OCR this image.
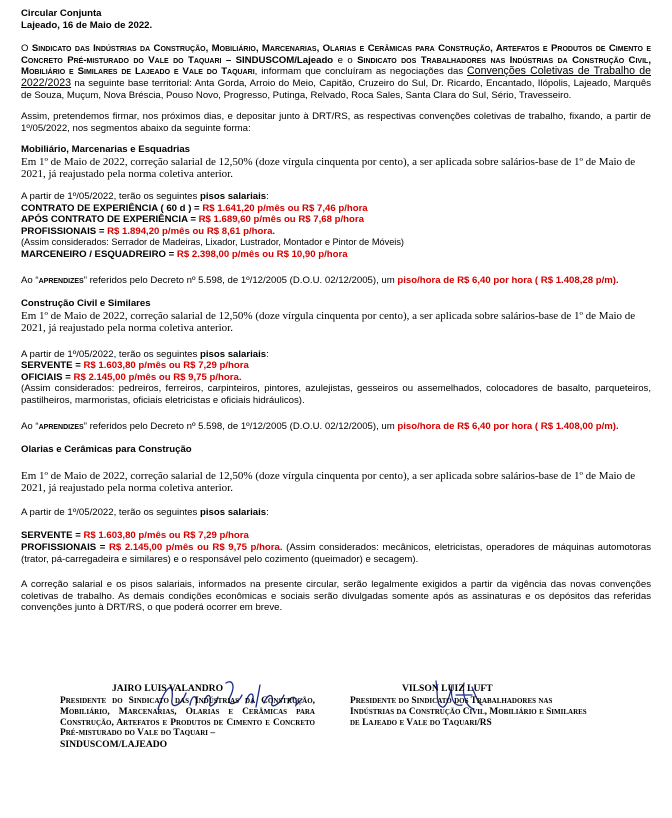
Circular Conjunta

Lajeado, 16 de Maio de 2022.

O Sindicato das Indústrias da Construção, Mobiliário, Marcenarias, Olarias e Cerâmicas para Construção, Artefatos e Produtos de Cimento e Concreto Pré-misturado do Vale do Taquari – SINDUSCOM/Lajeado e o Sindicato dos Trabalhadores nas Indústrias da Construção Civil, Mobiliário e Similares de Lajeado e Vale do Taquari, informam que concluíram as negociações das Convenções Coletivas de Trabalho de 2022/2023 na seguinte base territorial: Anta Gorda, Arroio do Meio, Capitão, Cruzeiro do Sul, Dr. Ricardo, Encantado, Ilópolis, Lajeado, Marquês de Souza, Muçum, Nova Bréscia, Pouso Novo, Progresso, Putinga, Relvado, Roca Sales, Santa Clara do Sul, Sério, Travesseiro.

Assim, pretendemos firmar, nos próximos dias, e depositar junto à DRT/RS, as respectivas convenções coletivas de trabalho, fixando, a partir de 1º/05/2022, nos segmentos abaixo da seguinte forma:

Mobiliário, Marcenarias e Esquadrias

Em 1º de Maio de 2022, correção salarial de 12,50% (doze vírgula cinquenta por cento), a ser aplicada sobre salários-base de 1º de Maio de 2021, já reajustado pela norma coletiva anterior.

A partir de 1º/05/2022, terão os seguintes pisos salariais:

CONTRATO DE EXPERIÊNCIA ( 60 d ) = R$ 1.641,20 p/mês ou R$ 7,46 p/hora

APÓS CONTRATO DE EXPERIÊNCIA = R$ 1.689,60 p/mês ou R$ 7,68 p/hora

PROFISSIONAIS = R$ 1.894,20 p/mês ou R$ 8,61 p/hora.

(Assim considerados: Serrador de Madeiras, Lixador, Lustrador, Montador e Pintor de Móveis)

MARCENEIRO / ESQUADREIRO = R$ 2.398,00 p/mês ou R$ 10,90 p/hora

Ao “aprendizes” referidos pelo Decreto nº 5.598, de 1º/12/2005 (D.O.U. 02/12/2005), um piso/hora de R$ 6,40 por hora ( R$ 1.408,28 p/m).

Construção Civil e Similares

Em 1º de Maio de 2022, correção salarial de 12,50% (doze vírgula cinquenta por cento), a ser aplicada sobre salários-base de 1º de Maio de 2021, já reajustado pela norma coletiva anterior.

A partir de 1º/05/2022, terão os seguintes pisos salariais:

SERVENTE = R$ 1.603,80 p/mês ou R$ 7,29 p/hora

OFICIAIS = R$ 2.145,00 p/mês ou R$ 9,75 p/hora.

(Assim considerados: pedreiros, ferreiros, carpinteiros, pintores, azulejistas, gesseiros ou assemelhados, colocadores de basalto, parqueteiros, pastilheiros, marmoristas, oficiais eletricistas e oficiais hidráulicos).

Ao “aprendizes” referidos pelo Decreto nº 5.598, de 1º/12/2005 (D.O.U. 02/12/2005), um piso/hora de R$ 6,40 por hora ( R$ 1.408,00 p/m).

Olarias e Cerâmicas para Construção

Em 1º de Maio de 2022, correção salarial de 12,50% (doze vírgula cinquenta por cento), a ser aplicada sobre salários-base de 1º de Maio de 2021, já reajustado pela norma coletiva anterior.

A partir de 1º/05/2022, terão os seguintes pisos salariais:

SERVENTE = R$ 1.603,80 p/mês ou R$ 7,29 p/hora

PROFISSIONAIS = R$ 2.145,00 p/mês ou R$ 9,75 p/hora. (Assim considerados: mecânicos, eletricistas, operadores de máquinas automotoras (trator, pá-carregadeira e similares) e o responsável pelo cozimento (queimador) e secagem).

A correção salarial e os pisos salariais, informados na presente circular, serão legalmente exigidos a partir da vigência das novas convenções coletivas de trabalho. As demais condições econômicas e sociais serão divulgadas somente após as assinaturas e os depósitos das referidas convenções junto à DRT/RS, o que poderá ocorrer em breve.

JAIRO LUIS VALANDRO

Presidente do Sindicato das Indústrias da Construção, Mobiliário, Marcenarias, Olarias e Cerâmicas para Construção, Artefatos e Produtos de Cimento e Concreto Pré-misturado do Vale do Taquari –

SINDUSCOM/LAJEADO

VILSON LUIZ LUFT

Presidente do Sindicato dos Trabalhadores nas Indústrias da Construção Civil, Mobiliário e Similares de Lajeado e Vale do Taquari/RS
